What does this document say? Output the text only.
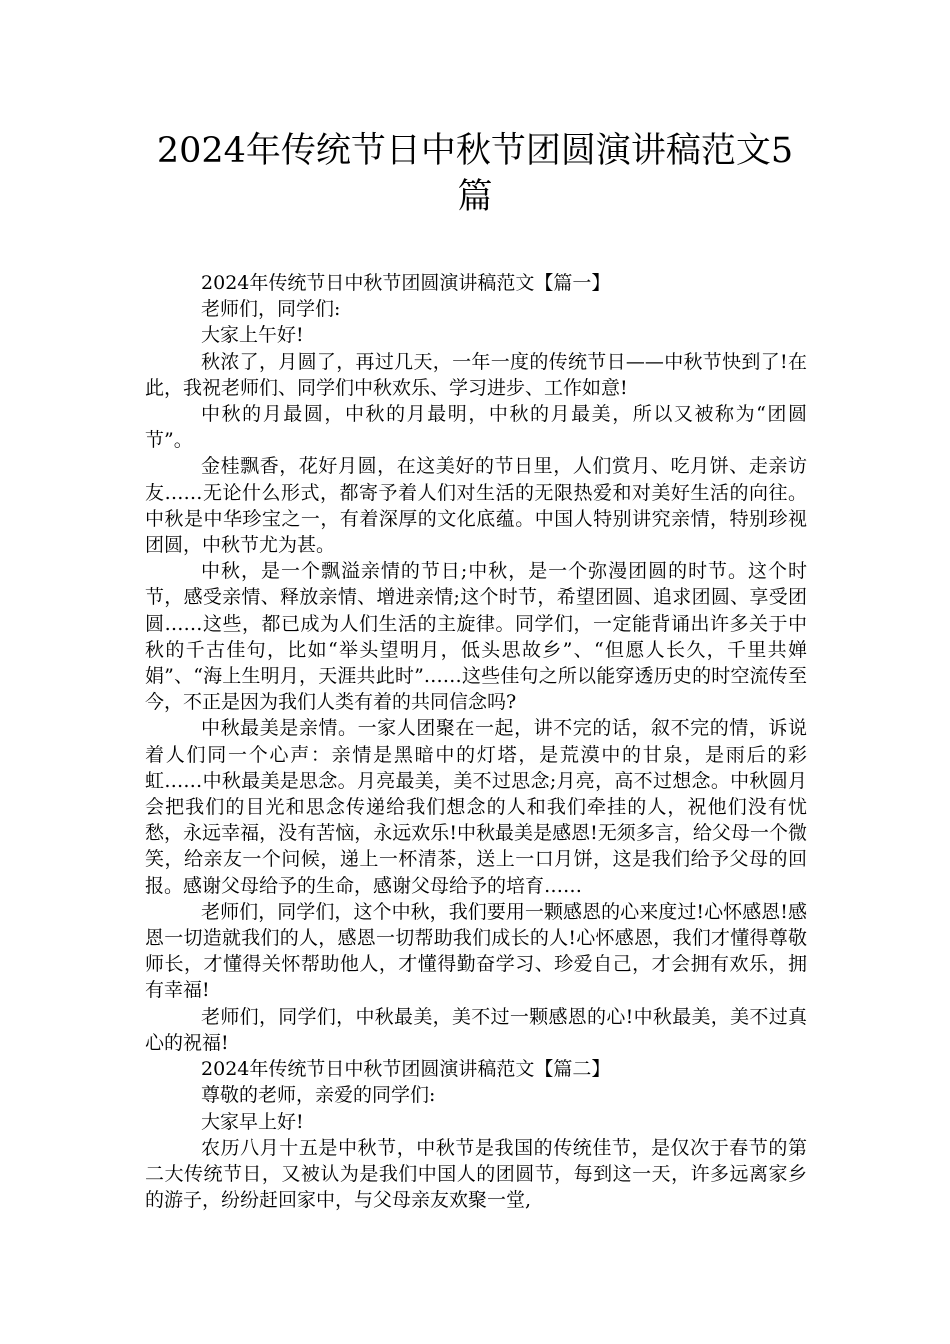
2024年传统节日中秋节团圆演讲稿范文5篇

2024年传统节日中秋节团圆演讲稿范文【篇一】

老师们，同学们:

大家上午好!

秋浓了，月圆了，再过几天，一年一度的传统节日——中秋节快到了!在此，我祝老师们、同学们中秋欢乐、学习进步、工作如意!

中秋的月最圆，中秋的月最明，中秋的月最美，所以又被称为“团圆节”。

金桂飘香，花好月圆，在这美好的节日里，人们赏月、吃月饼、走亲访友……无论什么形式，都寄予着人们对生活的无限热爱和对美好生活的向往。中秋是中华珍宝之一，有着深厚的文化底蕴。中国人特别讲究亲情，特别珍视团圆，中秋节尤为甚。

中秋，是一个飘溢亲情的节日;中秋，是一个弥漫团圆的时节。这个时节，感受亲情、释放亲情、增进亲情;这个时节，希望团圆、追求团圆、享受团圆……这些，都已成为人们生活的主旋律。同学们，一定能背诵出许多关于中秋的千古佳句，比如“举头望明月，低头思故乡”、“但愿人长久，千里共婵娟”、“海上生明月，天涯共此时”……这些佳句之所以能穿透历史的时空流传至今，不正是因为我们人类有着的共同信念吗?

中秋最美是亲情。一家人团聚在一起，讲不完的话，叙不完的情，诉说着人们同一个心声：亲情是黑暗中的灯塔，是荒漠中的甘泉，是雨后的彩虹……中秋最美是思念。月亮最美，美不过思念;月亮，高不过想念。中秋圆月会把我们的目光和思念传递给我们想念的人和我们牵挂的人，祝他们没有忧愁，永远幸福，没有苦恼，永远欢乐!中秋最美是感恩!无须多言，给父母一个微笑，给亲友一个问候，递上一杯清茶，送上一口月饼，这是我们给予父母的回报。感谢父母给予的生命，感谢父母给予的培育……

老师们，同学们，这个中秋，我们要用一颗感恩的心来度过!心怀感恩!感恩一切造就我们的人，感恩一切帮助我们成长的人!心怀感恩，我们才懂得尊敬师长，才懂得关怀帮助他人，才懂得勤奋学习、珍爱自己，才会拥有欢乐，拥有幸福!

老师们，同学们，中秋最美，美不过一颗感恩的心!中秋最美，美不过真心的祝福!

2024年传统节日中秋节团圆演讲稿范文【篇二】

尊敬的老师，亲爱的同学们:

大家早上好!

农历八月十五是中秋节，中秋节是我国的传统佳节，是仅次于春节的第二大传统节日，又被认为是我们中国人的团圆节，每到这一天，许多远离家乡的游子，纷纷赶回家中，与父母亲友欢聚一堂,
